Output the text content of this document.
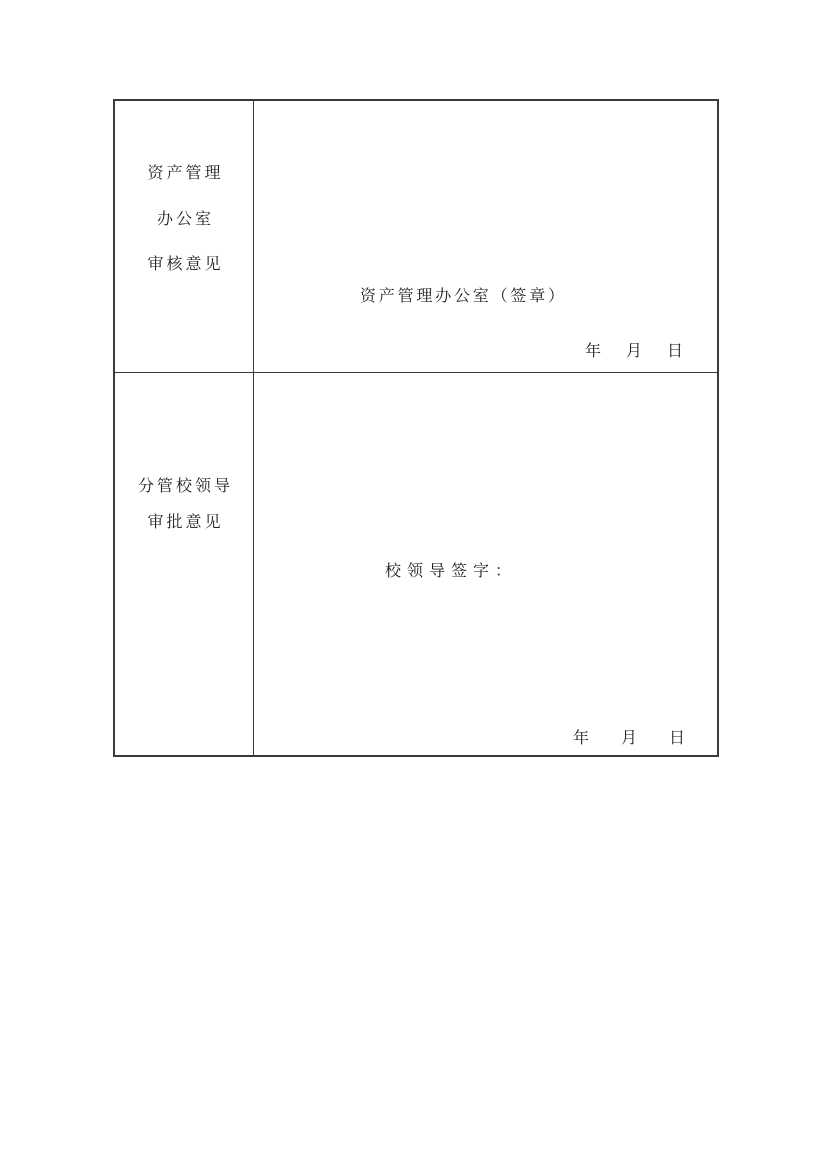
资产管理
办公室
审核意见
资产管理办公室（签章）
年 月 日
分管校领导
审批意见
校领导签字：
年 月 日
